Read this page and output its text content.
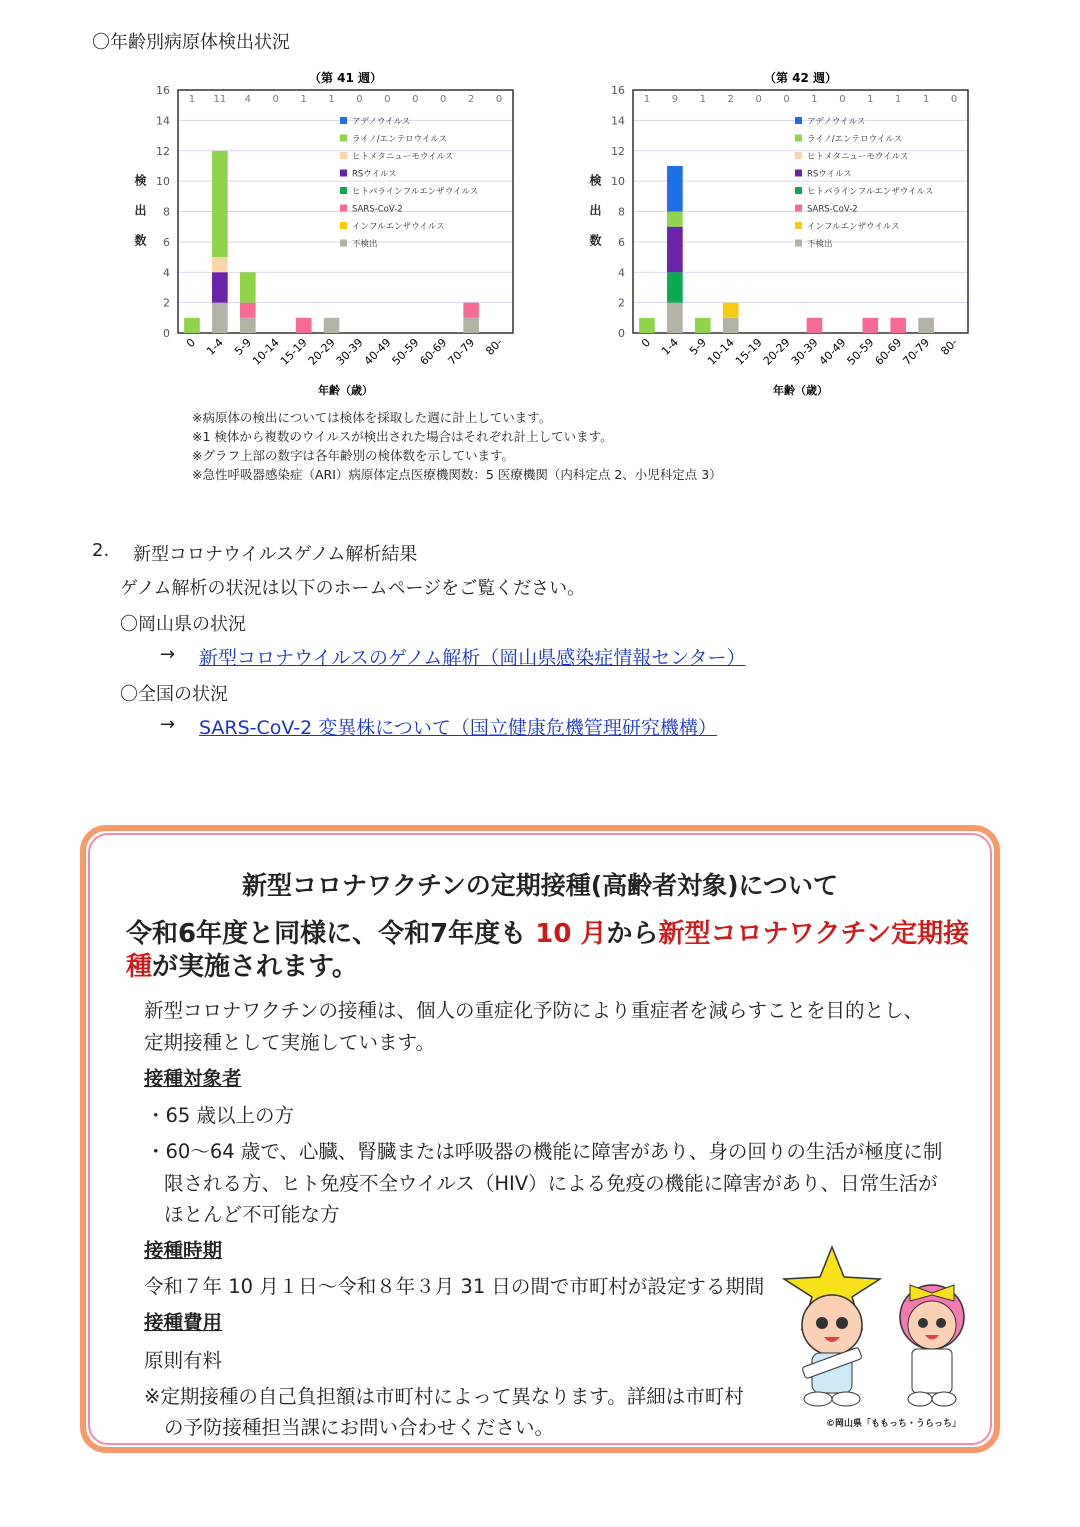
〇年齢別病原体検出状況
（第 41 週）
0
2
4
6
8
10
12
14
16
年齢（歳）
1
0
11
1-4
4
5-9
0
10-14
1
15-19
1
20-29
0
30-39
0
40-49
0
50-59
0
60-69
2
70-79
0
80-
アデノウイルス
ライノ/エンテロウイルス
ヒトメタニューモウイルス
RSウイルス
ヒトパラインフルエンザウイルス
SARS-CoV-2
インフルエンザウイルス
不検出
（第 42 週）
0
2
4
6
8
10
12
14
16
年齢（歳）
1
0
9
1-4
1
5-9
2
10-14
0
15-19
0
20-29
1
30-39
0
40-49
1
50-59
1
60-69
1
70-79
0
80-
アデノウイルス
ライノ/エンテロウイルス
ヒトメタニューモウイルス
RSウイルス
ヒトパラインフルエンザウイルス
SARS-CoV-2
インフルエンザウイルス
不検出
検出数	検出数
※病原体の検出については検体を採取した週に計上しています。
※1 検体から複数のウイルスが検出された場合はそれぞれ計上しています。
※グラフ上部の数字は各年齢別の検体数を示しています。
※急性呼吸器感染症（ARI）病原体定点医療機関数：5 医療機関（内科定点 2、小児科定点 3）
2. 新型コロナウイルスゲノム解析結果
ゲノム解析の状況は以下のホームページをご覧ください。
〇岡山県の状況
→ 新型コロナウイルスのゲノム解析（岡山県感染症情報センター）
〇全国の状況
→ SARS-CoV-2 変異株について（国立健康危機管理研究機構）
新型コロナワクチンの定期接種(高齢者対象)について
令和6年度と同様に、令和7年度も 10 月から新型コロナワクチン定期接種が実施されます。
新型コロナワクチンの接種は、個人の重症化予防により重症者を減らすことを目的とし、
定期接種として実施しています。
接種対象者
・65 歳以上の方
・60～64 歳で、心臓、腎臓または呼吸器の機能に障害があり、身の回りの生活が極度に制
限される方、ヒト免疫不全ウイルス（HIV）による免疫の機能に障害があり、日常生活が
ほとんど不可能な方
接種時期
令和７年 10 月１日～令和８年３月 31 日の間で市町村が設定する期間
接種費用
原則有料
※定期接種の自己負担額は市町村によって異なります。詳細は市町村
の予防接種担当課にお問い合わせください。	©岡山県「ももっち・うらっち」
